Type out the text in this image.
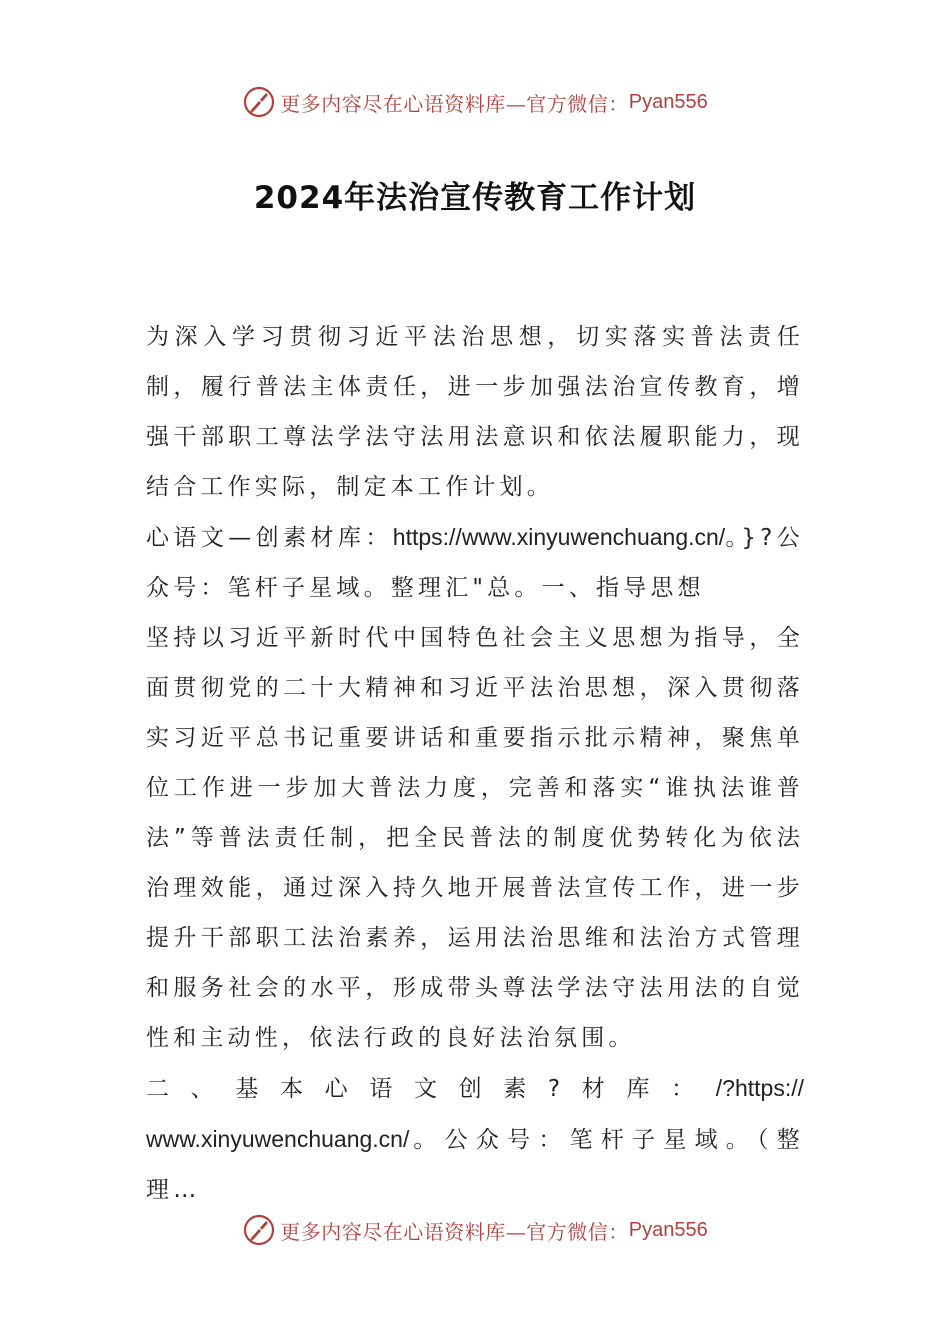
更多内容尽在心语资料库—官方微信： Pyan556
2024年法治宣传教育工作计划

为深入学习贯彻习近平法治思想，切实落实普法责任制，履行普法主体责任，进一步加强法治宣传教育，增强干部职工尊法学法守法用法意识和依法履职能力，现结合工作实际，制定本工作计划。

心语文—创素材库：https://www.xinyuwenchuang.cn/。}?公众号：笔杆子星域。整理汇"总。一、指导思想

坚持以习近平新时代中国特色社会主义思想为指导，全面贯彻党的二十大精神和习近平法治思想，深入贯彻落实习近平总书记重要讲话和重要指示批示精神，聚焦单位工作进一步加大普法力度，完善和落实“谁执法谁普法”等普法责任制，把全民普法的制度优势转化为依法治理效能，通过深入持久地开展普法宣传工作，进一步提升干部职工法治素养，运用法治思维和法治方式管理和服务社会的水平，形成带头尊法学法守法用法的自觉性和主动性，依法行政的良好法治氛围。

二、基本心语文创素?材库：/?https://

www.xinyuwenchuang.cn/。公众号：笔杆子星域。（整理…

更多内容尽在心语资料库—官方微信： Pyan556
